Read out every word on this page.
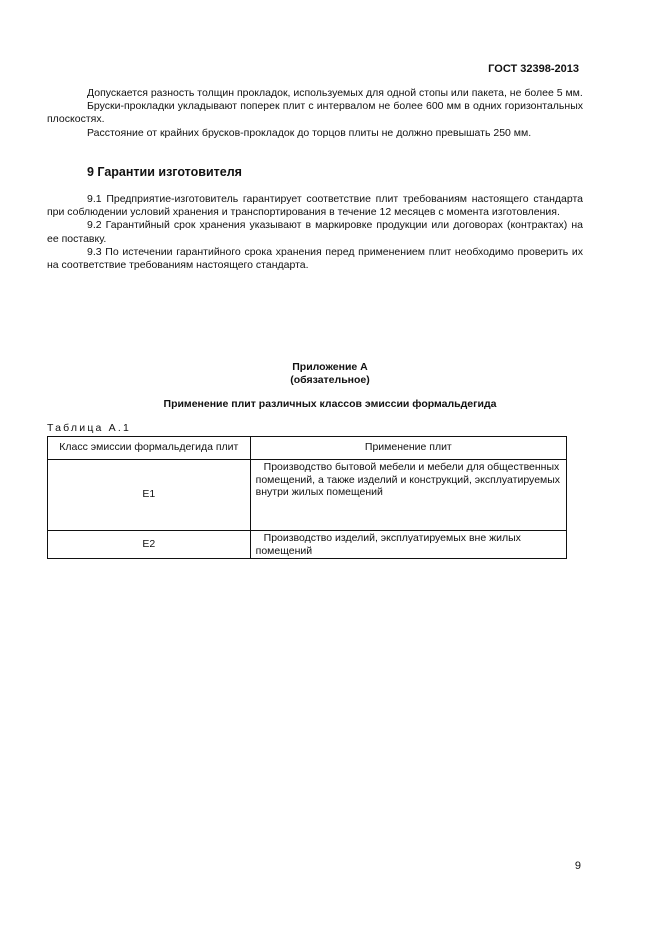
ГОСТ 32398-2013

Допускается разность толщин прокладок, используемых для одной стопы или пакета, не более 5 мм.

Бруски-прокладки укладывают поперек плит с интервалом не более 600 мм в одних горизонтальных плоскостях.

Расстояние от крайних брусков-прокладок до торцов плиты не должно превышать 250 мм.

9 Гарантии изготовителя

9.1 Предприятие-изготовитель гарантирует соответствие плит требованиям настоящего стандарта при соблюдении условий хранения и транспортирования в течение 12 месяцев с момента изготовления.

9.2 Гарантийный срок хранения указывают в маркировке продукции или договорах (контрактах) на ее поставку.

9.3 По истечении гарантийного срока хранения перед применением плит необходимо проверить их на соответствие требованиям настоящего стандарта.

Приложение А
(обязательное)
Применение плит различных классов эмиссии формальдегида
Таблица А.1
Класс эмиссии формальдегида плит	Применение плит
Е1	Производство бытовой мебели и мебели для общественных помещений, а также изделий и конструкций, эксплуатируемых внутри жилых помещений

Е2	Производство изделий, эксплуатируемых вне жилых помещений
9
